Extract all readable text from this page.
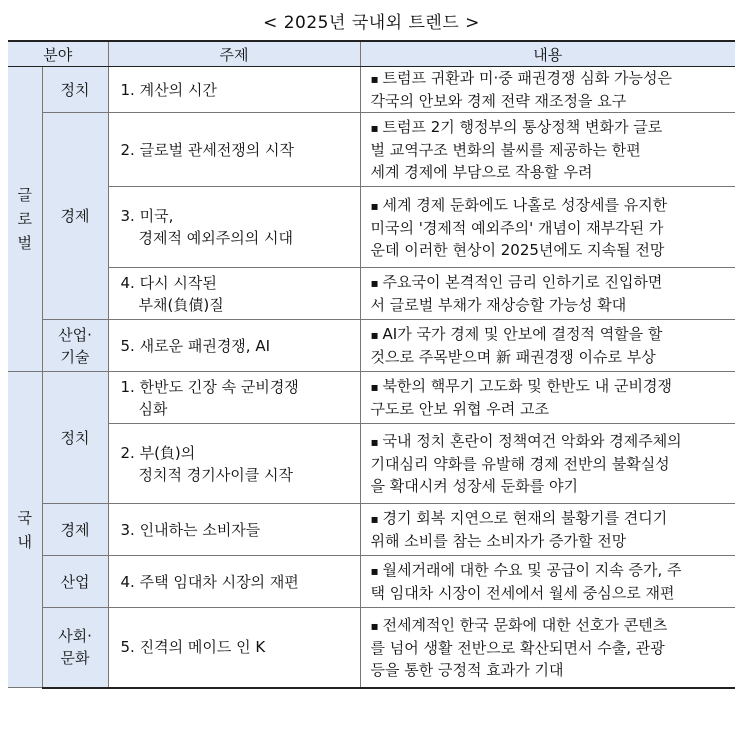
< 2025년 국내외 트렌드 >
분야		주제	내용

글
로
벌	정치	1. 계산의 시간	▪ 트럼프 귀환과 미·중 패권경쟁 심화 가능성은
각국의 안보와 경제 전략 재조정을 요구

	경제	2. 글로벌 관세전쟁의 시작	▪ 트럼프 2기 행정부의 통상정책 변화가 글로
벌 교역구조 변화의 불씨를 제공하는 한편
세계 경제에 부담으로 작용할 우려

		3. 미국,
경제적 예외주의의 시대	▪ 세계 경제 둔화에도 나홀로 성장세를 유지한
미국의 '경제적 예외주의' 개념이 재부각된 가
운데 이러한 현상이 2025년에도 지속될 전망

		4. 다시 시작된
부채(負債)질	▪ 주요국이 본격적인 금리 인하기로 진입하면
서 글로벌 부채가 재상승할 가능성 확대

	산업·
기술	5. 새로운 패권경쟁, AI	▪ AI가 국가 경제 및 안보에 결정적 역할을 할
것으로 주목받으며 新 패권경쟁 이슈로 부상

국
내	정치	1. 한반도 긴장 속 군비경쟁
심화	▪ 북한의 핵무기 고도화 및 한반도 내 군비경쟁
구도로 안보 위협 우려 고조

		2. 부(負)의
정치적 경기사이클 시작	▪ 국내 정치 혼란이 정책여건 악화와 경제주체의
기대심리 약화를 유발해 경제 전반의 불확실성
을 확대시켜 성장세 둔화를 야기

	경제	3. 인내하는 소비자들	▪ 경기 회복 지연으로 현재의 불황기를 견디기
위해 소비를 참는 소비자가 증가할 전망

	산업	4. 주택 임대차 시장의 재편	▪ 월세거래에 대한 수요 및 공급이 지속 증가, 주
택 임대차 시장이 전세에서 월세 중심으로 재편

	사회·
문화	5. 진격의 메이드 인 K	▪ 전세계적인 한국 문화에 대한 선호가 콘텐츠
를 넘어 생활 전반으로 확산되면서 수출, 관광
등을 통한 긍정적 효과가 기대
